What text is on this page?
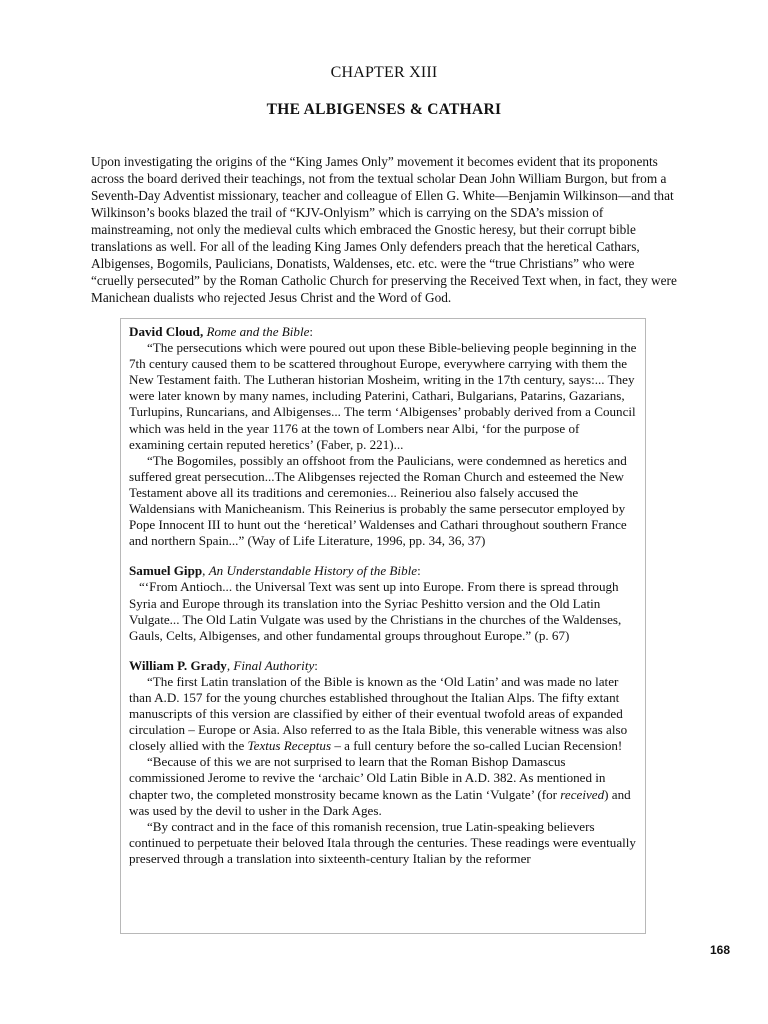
CHAPTER XIII
THE ALBIGENSES & CATHARI

Upon investigating the origins of the “King James Only” movement it becomes evident that its proponents across the board derived their teachings, not from the textual scholar Dean John William Burgon, but from a Seventh-Day Adventist missionary, teacher and colleague of Ellen G. White—Benjamin Wilkinson—and that Wilkinson’s books blazed the trail of “KJV-Onlyism” which is carrying on the SDA’s mission of mainstreaming, not only the medieval cults which embraced the Gnostic heresy, but their corrupt bible translations as well. For all of the leading King James Only defenders preach that the heretical Cathars, Albigenses, Bogomils, Paulicians, Donatists, Waldenses, etc. etc. were the “true Christians” who were “cruelly persecuted” by the Roman Catholic Church for preserving the Received Text when, in fact, they were Manichean dualists who rejected Jesus Christ and the Word of God.

David Cloud, Rome and the Bible:

“The persecutions which were poured out upon these Bible-believing people beginning in the 7th century caused them to be scattered throughout Europe, everywhere carrying with them the New Testament faith. The Lutheran historian Mosheim, writing in the 17th century, says:... They were later known by many names, including Paterini, Cathari, Bulgarians, Patarins, Gazarians, Turlupins, Runcarians, and Albigenses... The term ‘Albigenses’ probably derived from a Council which was held in the year 1176 at the town of Lombers near Albi, ‘for the purpose of examining certain reputed heretics’ (Faber, p. 221)...

“The Bogomiles, possibly an offshoot from the Paulicians, were condemned as heretics and suffered great persecution...The Alibgenses rejected the Roman Church and esteemed the New Testament above all its traditions and ceremonies... Reineriou also falsely accused the Waldensians with Manicheanism. This Reinerius is probably the same persecutor employed by Pope Innocent III to hunt out the ‘heretical’ Waldenses and Cathari throughout southern France and northern Spain...” (Way of Life Literature, 1996, pp. 34, 36, 37)

Samuel Gipp, An Understandable History of the Bible:

“‘From Antioch... the Universal Text was sent up into Europe. From there is spread through Syria and Europe through its translation into the Syriac Peshitto version and the Old Latin Vulgate... The Old Latin Vulgate was used by the Christians in the churches of the Waldenses, Gauls, Celts, Albigenses, and other fundamental groups throughout Europe.” (p. 67)

William P. Grady, Final Authority:

“The first Latin translation of the Bible is known as the ‘Old Latin’ and was made no later than A.D. 157 for the young churches established throughout the Italian Alps. The fifty extant manuscripts of this version are classified by either of their eventual twofold areas of expanded circulation – Europe or Asia. Also referred to as the Itala Bible, this venerable witness was also closely allied with the Textus Receptus – a full century before the so-called Lucian Recension!

“Because of this we are not surprised to learn that the Roman Bishop Damascus commissioned Jerome to revive the ‘archaic’ Old Latin Bible in A.D. 382. As mentioned in chapter two, the completed monstrosity became known as the Latin ‘Vulgate’ (for received) and was used by the devil to usher in the Dark Ages.

“By contract and in the face of this romanish recension, true Latin-speaking believers continued to perpetuate their beloved Itala through the centuries. These readings were eventually preserved through a translation into sixteenth-century Italian by the reformer

168
